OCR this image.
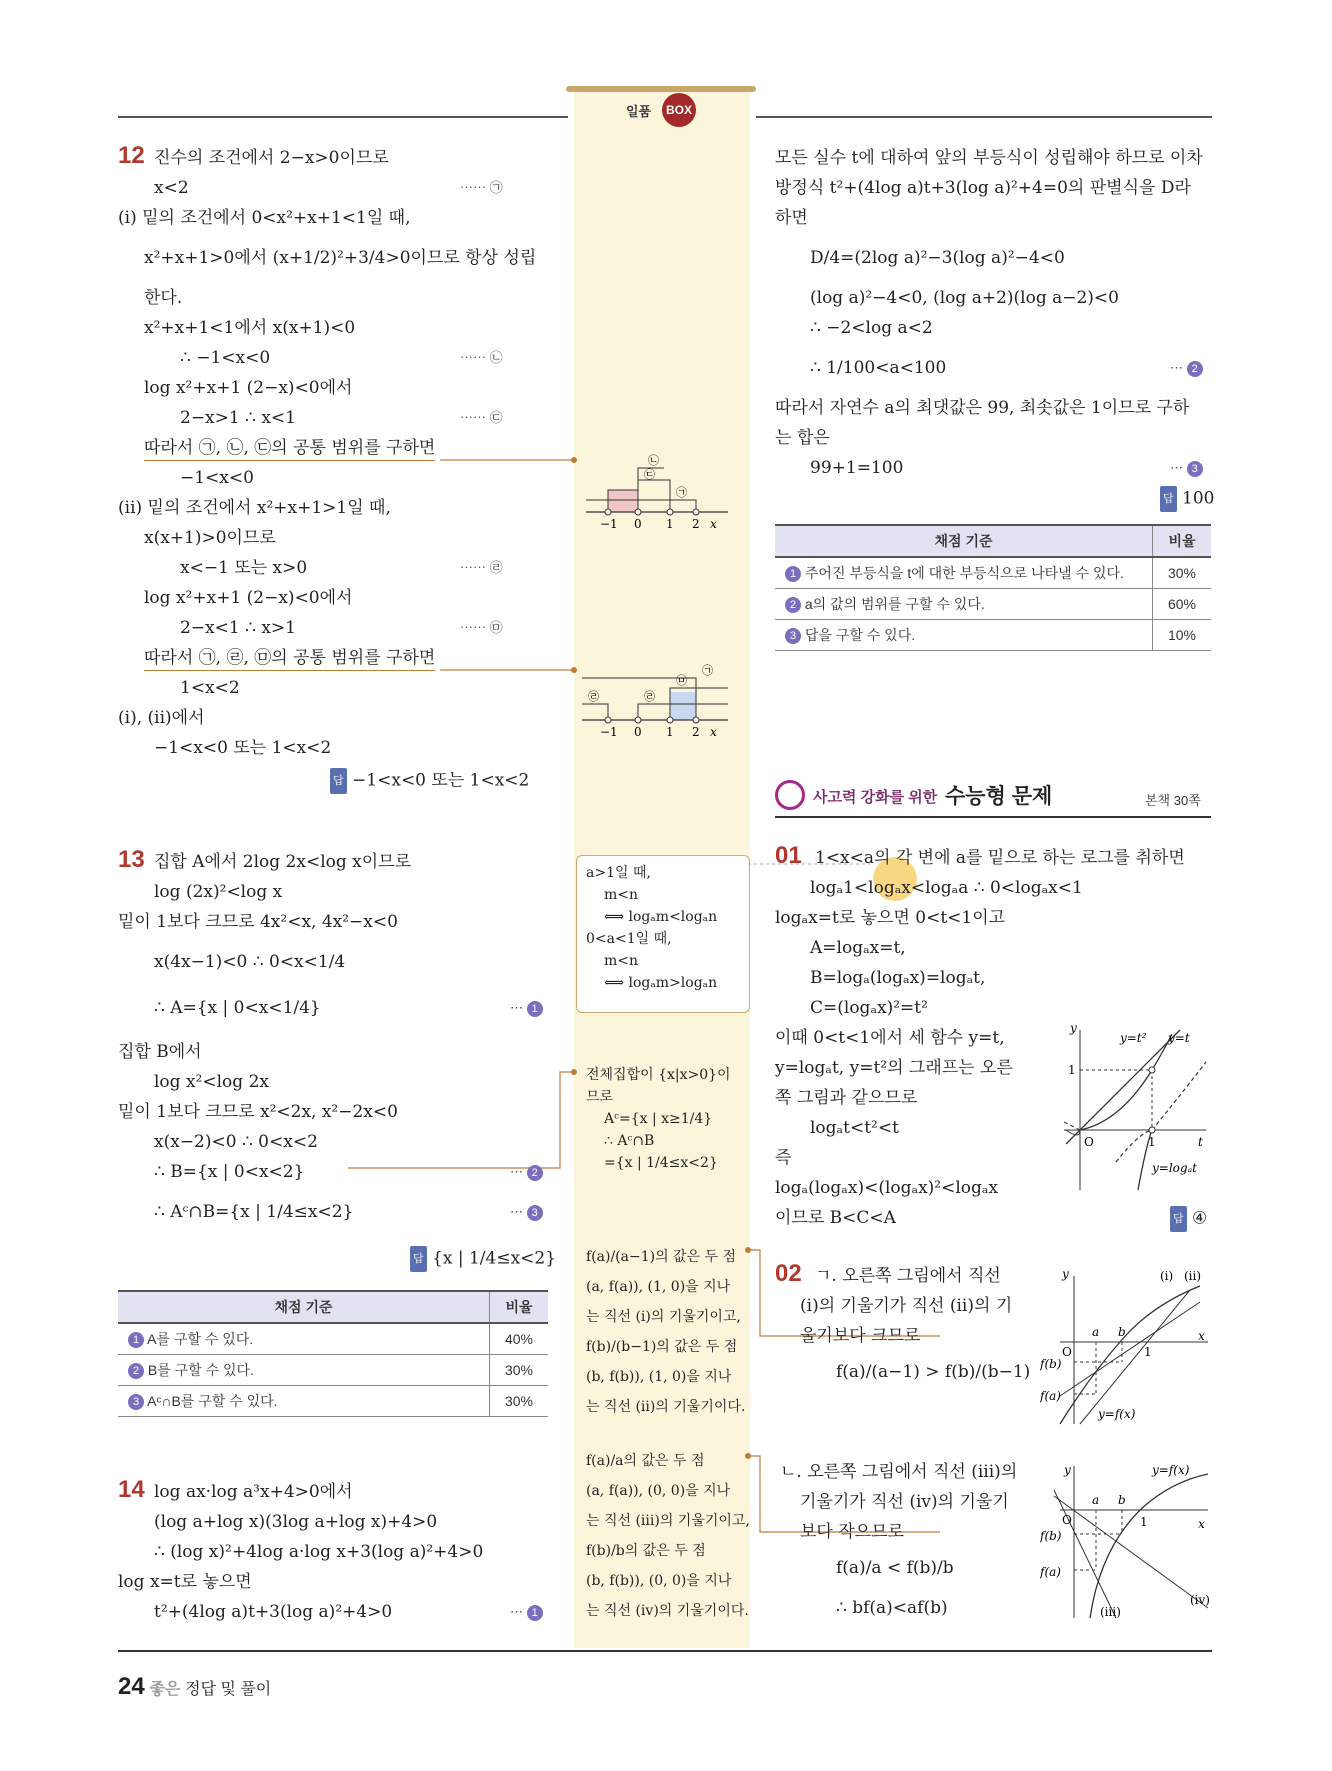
일품	BOX
12 진수의 조건에서 2−x>0이므로
x<2	⋯⋯ ㉠
(i) 밑의 조건에서 0<x²+x+1<1일 때,
x²+x+1>0에서 (x+1/2)²+3/4>0이므로 항상 성립
한다.
x²+x+1<1에서 x(x+1)<0
∴ −1<x<0	⋯⋯ ㉡
log x²+x+1 (2−x)<0에서
2−x>1 ∴ x<1	⋯⋯ ㉢
따라서 ㉠, ㉡, ㉢의 공통 범위를 구하면
−1<x<0
(ii) 밑의 조건에서 x²+x+1>1일 때,
x(x+1)>0이므로
x<−1 또는 x>0	⋯⋯ ㉣
log x²+x+1 (2−x)<0에서
2−x<1 ∴ x>1	⋯⋯ ㉤
따라서 ㉠, ㉣, ㉤의 공통 범위를 구하면
1<x<2
(i), (ii)에서
−1<x<0 또는 1<x<2
답 −1<x<0 또는 1<x<2
−1 0 1 2 x
㉡
㉢
㉠
−1 0 1 2 x
㉣	㉣
㉤
㉠
13 집합 A에서 2log 2x<log x이므로
log (2x)²<log x
밑이 1보다 크므로 4x²<x, 4x²−x<0
x(4x−1)<0 ∴ 0<x<1/4
∴ A={x | 0<x<1/4}	⋯ 1
집합 B에서
log x²<log 2x
밑이 1보다 크므로 x²<2x, x²−2x<0
x(x−2)<0 ∴ 0<x<2
∴ B={x | 0<x<2}	⋯ 2
∴ Aᶜ∩B={x | 1/4≤x<2}	⋯ 3
답 {x | 1/4≤x<2}
채점 기준	비율
1 A를 구할 수 있다.	40%
2 B를 구할 수 있다.	30%
3 Aᶜ∩B를 구할 수 있다.	30%
14 log ax·log a³x+4>0에서
(log a+log x)(3log a+log x)+4>0
∴ (log x)²+4log a·log x+3(log a)²+4>0
log x=t로 놓으면
t²+(4log a)t+3(log a)²+4>0	⋯ 1
a>1일 때,
m<n
⟺ logₐm<logₐn
0<a<1일 때,
m<n
⟺ logₐm>logₐn
전체집합이 {x|x>0}이
므로
Aᶜ={x | x≥1/4}
∴ Aᶜ∩B
={x | 1/4≤x<2}
f(a)/(a−1)의 값은 두 점
(a, f(a)), (1, 0)을 지나
는 직선 (i)의 기울기이고,
f(b)/(b−1)의 값은 두 점
(b, f(b)), (1, 0)을 지나
는 직선 (ii)의 기울기이다.
f(a)/a의 값은 두 점
(a, f(a)), (0, 0)을 지나
는 직선 (iii)의 기울기이고,
f(b)/b의 값은 두 점
(b, f(b)), (0, 0)을 지나
는 직선 (iv)의 기울기이다.
모든 실수 t에 대하여 앞의 부등식이 성립해야 하므로 이차
방정식 t²+(4log a)t+3(log a)²+4=0의 판별식을 D라
하면
D/4=(2log a)²−3(log a)²−4<0
(log a)²−4<0, (log a+2)(log a−2)<0
∴ −2<log a<2
∴ 1/100<a<100	⋯ 2
따라서 자연수 a의 최댓값은 99, 최솟값은 1이므로 구하
는 합은
99+1=100	⋯ 3
답 100
채점 기준	비율
1 주어진 부등식을 t에 대한 부등식으로 나타낼 수 있다.	30%
2 a의 값의 범위를 구할 수 있다.	60%
3 답을 구할 수 있다.	10%
사고력 강화를 위한 수능형 문제	본책 30쪽
01 1<x<a의 각 변에 a를 밑으로 하는 로그를 취하면
logₐ1<logₐx<logₐa ∴ 0<logₐx<1
logₐx=t로 놓으면 0<t<1이고
A=logₐx=t,
B=logₐ(logₐx)=logₐt,
C=(logₐx)²=t²
이때 0<t<1에서 세 함수 y=t,
y=logₐt, y=t²의 그래프는 오른
쪽 그림과 같으므로
logₐt<t²<t
즉
logₐ(logₐx)<(logₐx)²<logₐx
이므로 B<C<A	답 ④
y
t
O
1
1
y=t² y=t
y=logₐt
02 ㄱ. 오른쪽 그림에서 직선
(i)의 기울기가 직선 (ii)의 기
울기보다 크므로
f(a)/(a−1) > f(b)/(b−1)
ㄴ. 오른쪽 그림에서 직선 (iii)의
기울기가 직선 (iv)의 기울기
보다 작으므로
f(a)/a < f(b)/b
∴ bf(a)<af(b)
y
x
O
a b
1
f(b)
f(a)
(i) (ii)
y=f(x)
y
x
O
a b
1
f(b)
f(a)
(iii)
(iv)
y=f(x)
24 좋은 정답 및 풀이
